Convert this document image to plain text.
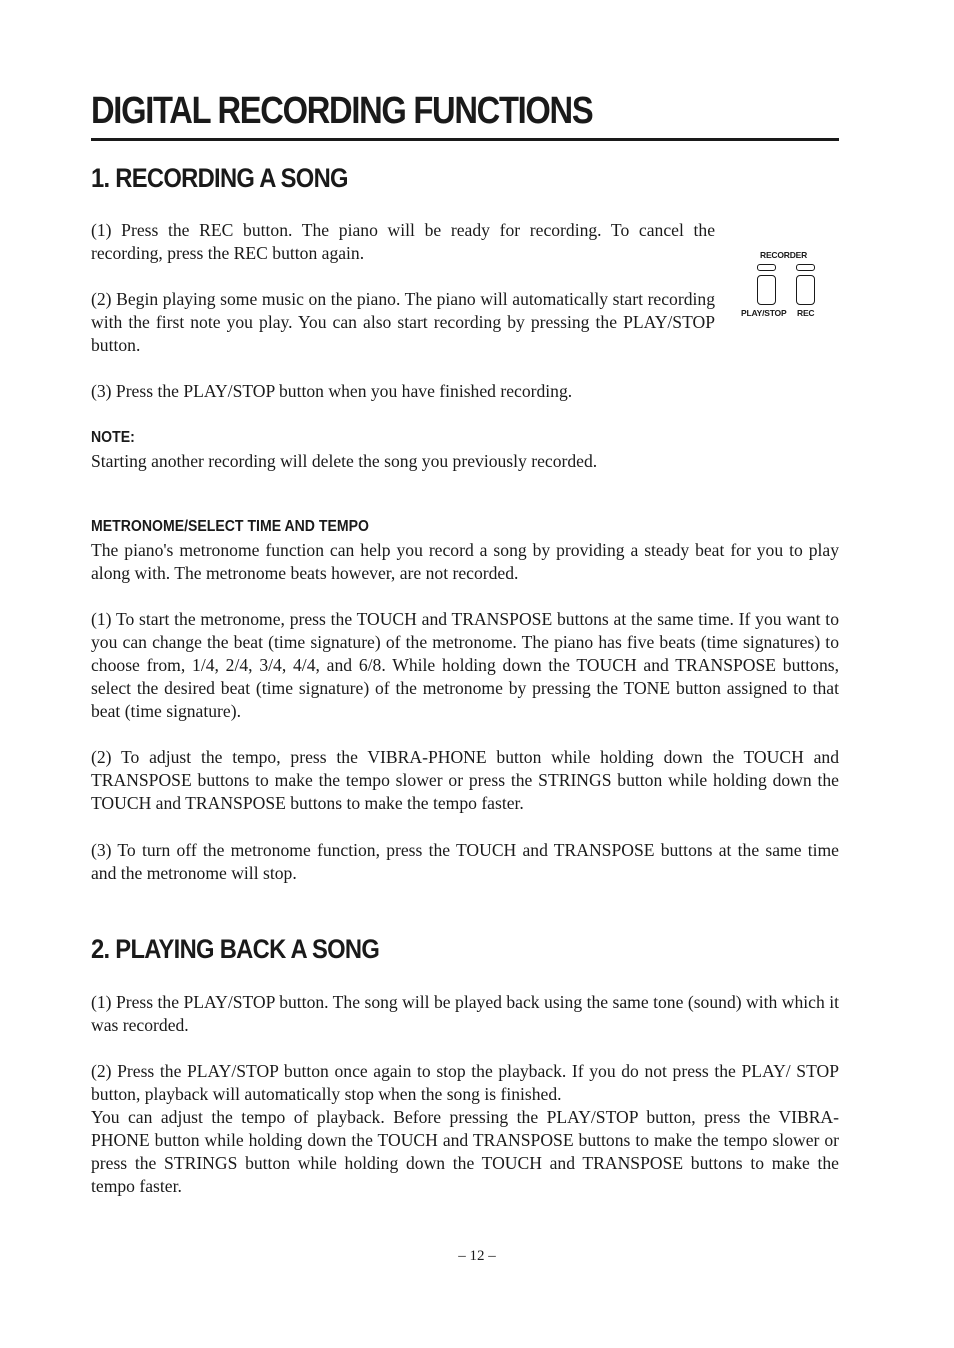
DIGITAL RECORDING FUNCTIONS
1. RECORDING A SONG

(1) Press the REC button. The piano will be ready for recording. To cancel the recording, press the REC button again.

(2) Begin playing some music on the piano. The piano will automatically start recording with the first note you play. You can also start recording by pressing the PLAY/STOP button.

(3) Press the PLAY/STOP button when you have finished recording.

NOTE:

Starting another recording will delete the song you previously recorded.

METRONOME/SELECT TIME AND TEMPO

The piano's metronome function can help you record a song by providing a steady beat for you to play along with. The metronome beats however, are not recorded.

(1) To start the metronome, press the TOUCH and TRANSPOSE buttons at the same time. If you want to you can change the beat (time signature) of the metronome. The piano has five beats (time signatures) to choose from, 1/4, 2/4, 3/4, 4/4, and 6/8. While holding down the TOUCH and TRANSPOSE buttons, select the desired beat (time signature) of the metronome by pressing the TONE button assigned to that beat (time signature).

(2) To adjust the tempo, press the VIBRA-PHONE button while holding down the TOUCH and TRANSPOSE buttons to make the tempo slower or press the STRINGS button while holding down the TOUCH and TRANSPOSE buttons to make the tempo faster.

(3) To turn off the metronome function, press the TOUCH and TRANSPOSE buttons at the same time and the metronome will stop.

2. PLAYING BACK A SONG

(1) Press the PLAY/STOP button. The song will be played back using the same tone (sound) with which it was recorded.

(2) Press the PLAY/STOP button once again to stop the playback. If you do not press the PLAY/ STOP button, playback will automatically stop when the song is finished.

You can adjust the tempo of playback. Before pressing the PLAY/STOP button, press the VIBRA-PHONE button while holding down the TOUCH and TRANSPOSE buttons to make the tempo slower or press the STRINGS button while holding down the TOUCH and TRANSPOSE buttons to make the tempo faster.

RECORDER
PLAY/STOP REC
– 12 –
